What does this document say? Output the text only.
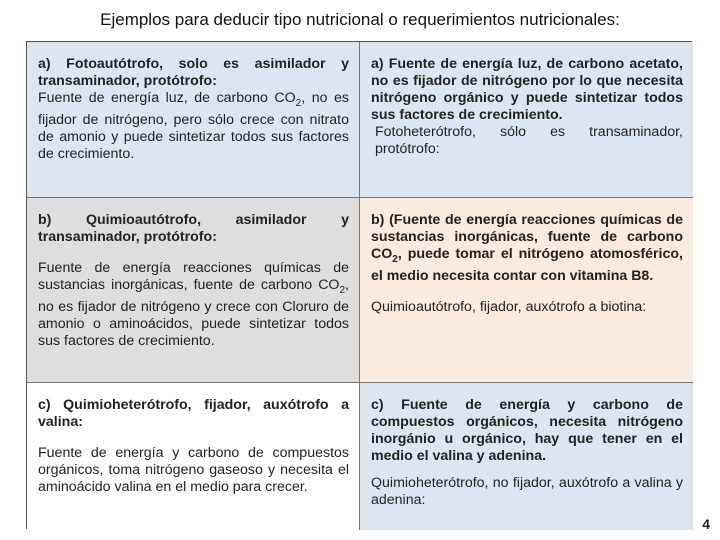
Ejemplos para deducir tipo nutricional o requerimientos nutricionales:
a) Fotoautótrofo, solo es asimilador y transaminador, protótrofo:
Fuente de energía luz, de carbono $CO_2$, no es fijador de nitrógeno, pero sólo crece con nitrato de amonio y puede sintetizar todos sus factores de crecimiento.
a) Fuente de energía luz, de carbono acetato, no es fijador de nitrógeno por lo que necesita nitrógeno orgánico y puede sintetizar todos sus factores de crecimiento.
Fotoheterótrofo, sólo es transaminador, protótrofo:
b) Quimioautótrofo, asimilador y transaminador, protótrofo:
Fuente de energía reacciones químicas de sustancias inorgánicas, fuente de carbono $CO_2$, no es fijador de nitrógeno y crece con Cloruro de amonio o aminoácidos, puede sintetizar todos sus factores de crecimiento.
b) (Fuente de energía reacciones químicas de sustancias inorgánicas, fuente de carbono $CO_2$, puede tomar el nitrógeno atomosférico, el medio necesita contar con vitamina B8.
Quimioautótrofo, fijador, auxótrofo a biotina:
c) Quimioheterótrofo, fijador, auxótrofo a valina:
Fuente de energía y carbono de compuestos orgánicos, toma nitrógeno gaseoso y necesita el aminoácido valina en el medio para crecer.
c) Fuente de energía y carbono de compuestos orgánicos, necesita nitrógeno inorgánio u orgánico, hay que tener en el medio el valina y adenina.
Quimioheterótrofo, no fijador, auxótrofo a valina y adenina:
4
